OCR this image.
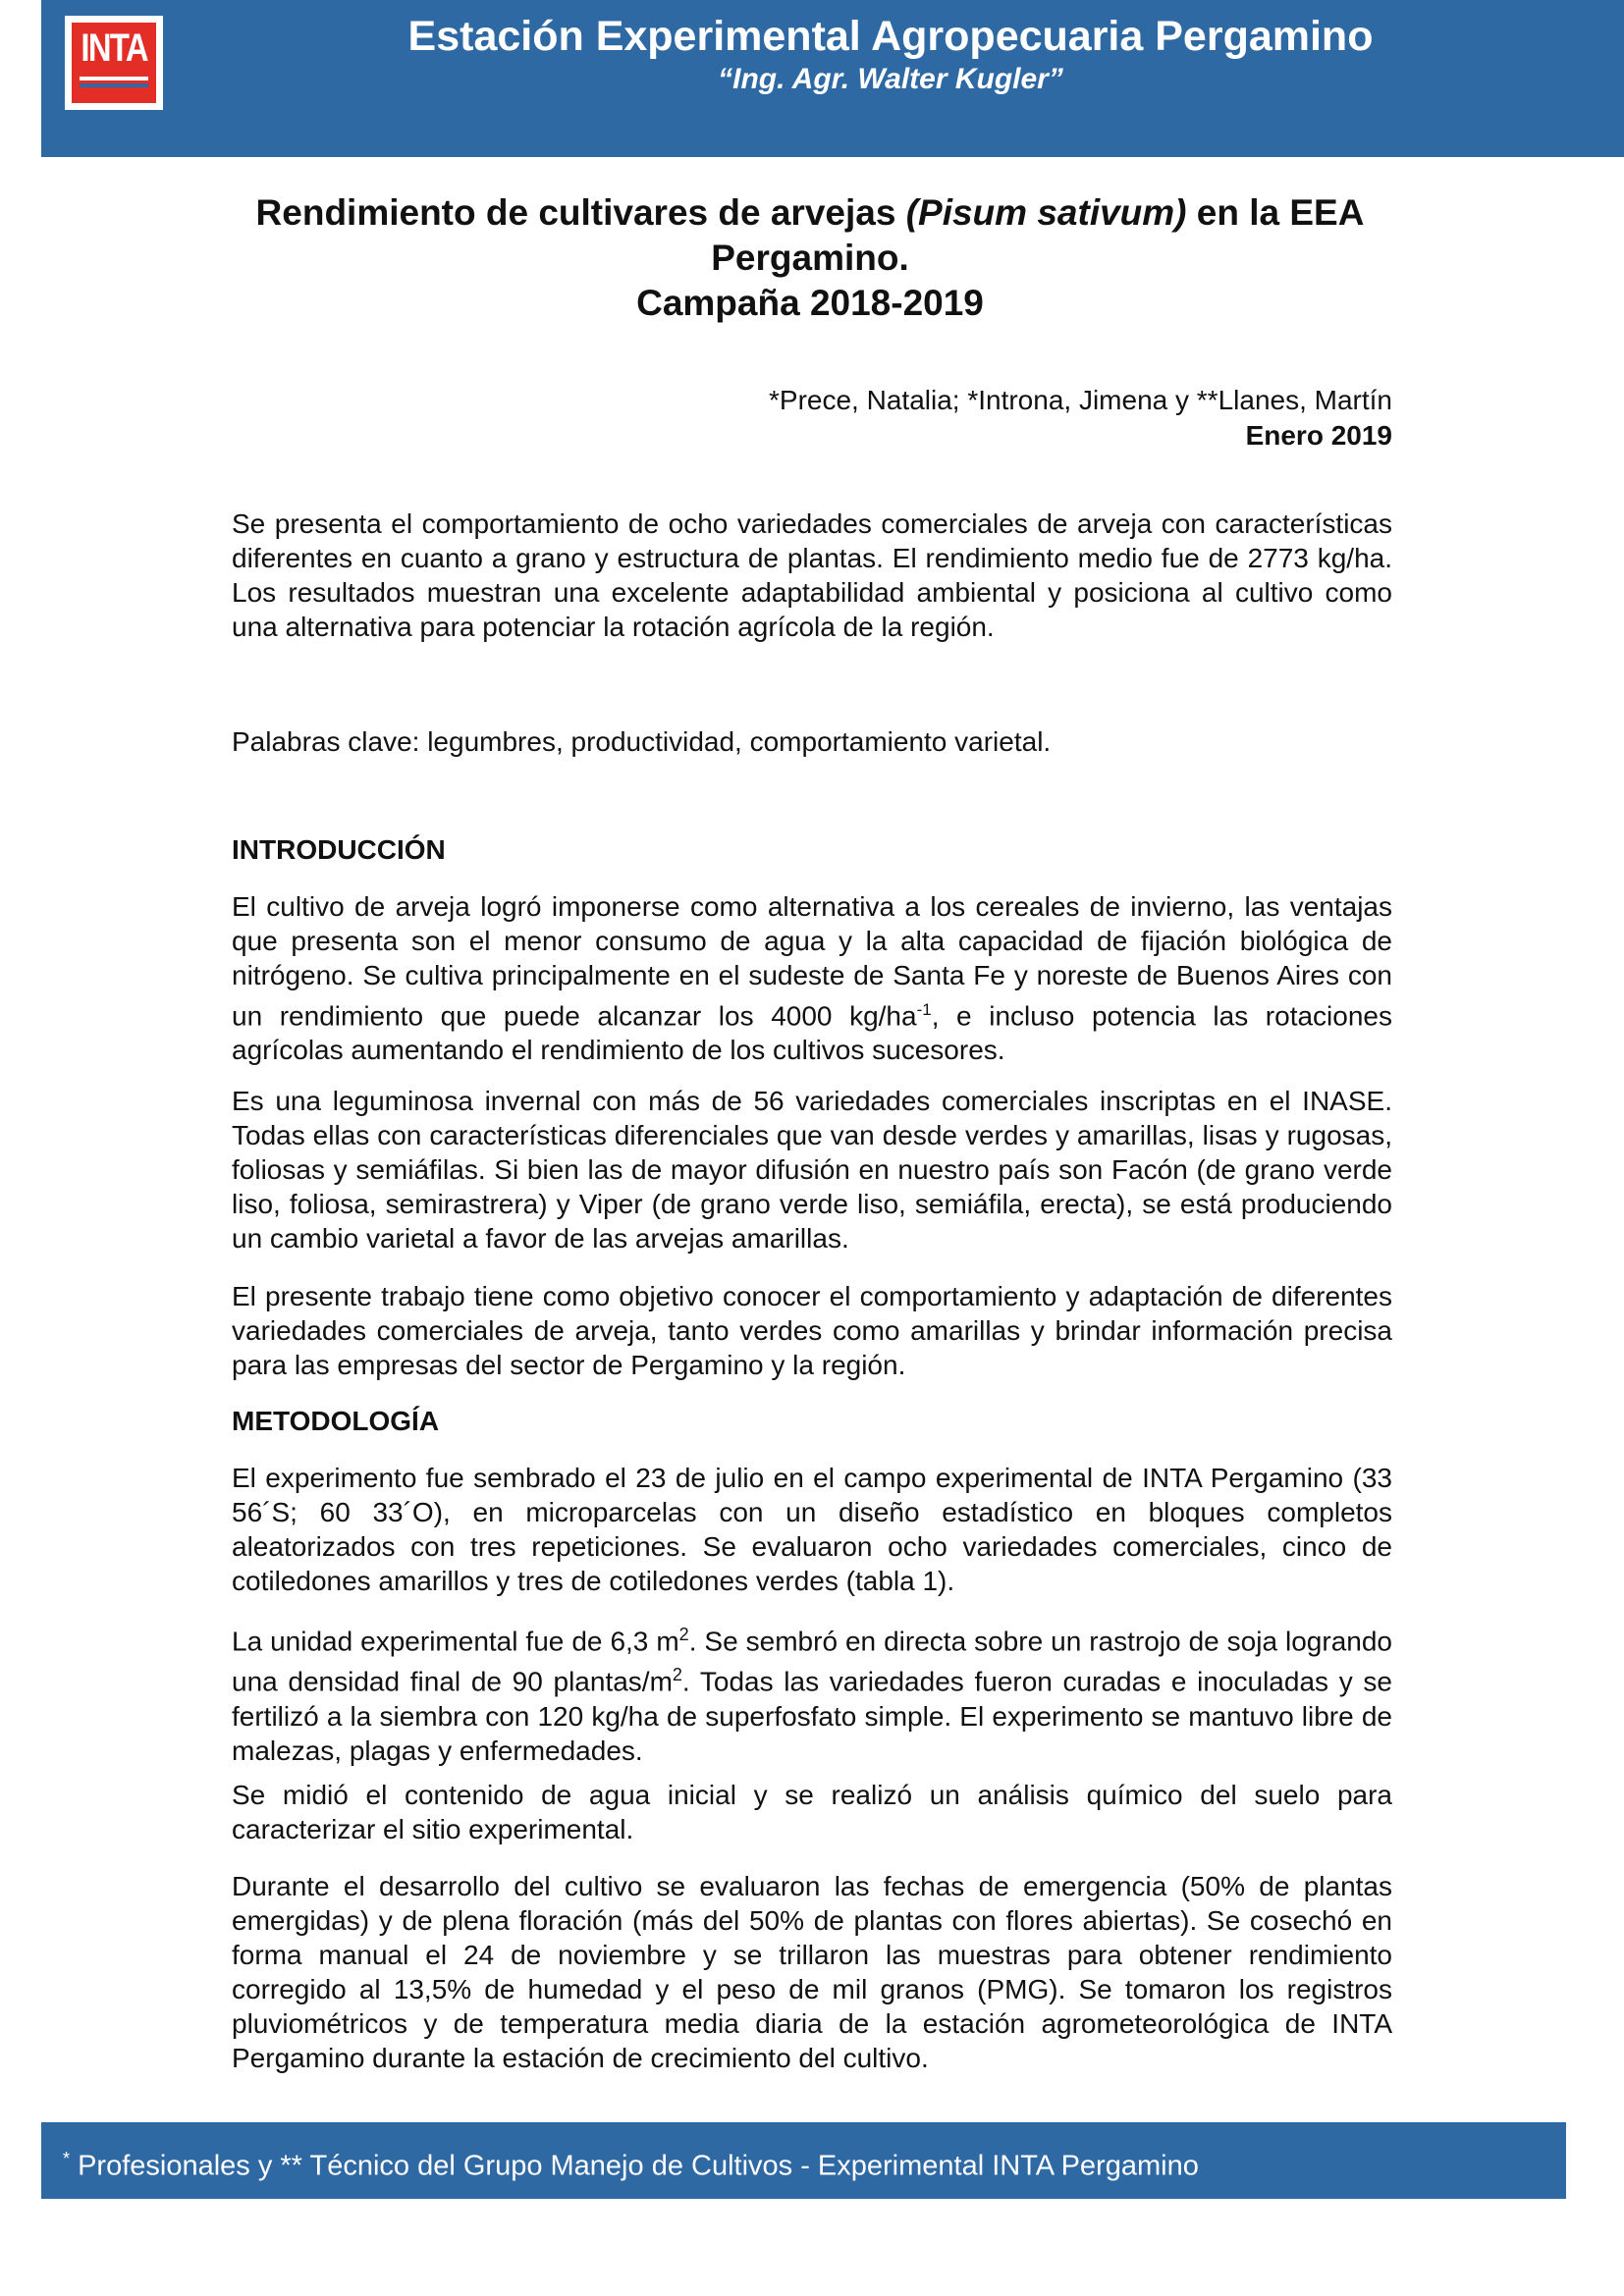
INTA	Estación Experimental Agropecuaria Pergamino
“Ing. Agr. Walter Kugler”
Rendimiento de cultivares de arvejas (Pisum sativum) en la EEA Pergamino.
Campaña 2018-2019
*Prece, Natalia; *Introna, Jimena y **Llanes, Martín
Enero 2019
Se presenta el comportamiento de ocho variedades comerciales de arveja con características diferentes en cuanto a grano y estructura de plantas. El rendimiento medio fue de 2773 kg/ha. Los resultados muestran una excelente adaptabilidad ambiental y posiciona al cultivo como una alternativa para potenciar la rotación agrícola de la región.
Palabras clave: legumbres, productividad, comportamiento varietal.
INTRODUCCIÓN
El cultivo de arveja logró imponerse como alternativa a los cereales de invierno, las ventajas que presenta son el menor consumo de agua y la alta capacidad de fijación biológica de nitrógeno. Se cultiva principalmente en el sudeste de Santa Fe y noreste de Buenos Aires con un rendimiento que puede alcanzar los 4000 $kg/ha^{-1}$, e incluso potencia las rotaciones agrícolas aumentando el rendimiento de los cultivos sucesores.
Es una leguminosa invernal con más de 56 variedades comerciales inscriptas en el INASE. Todas ellas con características diferenciales que van desde verdes y amarillas, lisas y rugosas, foliosas y semiáfilas. Si bien las de mayor difusión en nuestro país son Facón (de grano verde liso, foliosa, semirastrera) y Viper (de grano verde liso, semiáfila, erecta), se está produciendo un cambio varietal a favor de las arvejas amarillas.
El presente trabajo tiene como objetivo conocer el comportamiento y adaptación de diferentes variedades comerciales de arveja, tanto verdes como amarillas y brindar información precisa para las empresas del sector de Pergamino y la región.
METODOLOGÍA
El experimento fue sembrado el 23 de julio en el campo experimental de INTA Pergamino (33 56´S; 60 33´O), en microparcelas con un diseño estadístico en bloques completos aleatorizados con tres repeticiones. Se evaluaron ocho variedades comerciales, cinco de cotiledones amarillos y tres de cotiledones verdes (tabla 1).
La unidad experimental fue de 6,3 $m^2$. Se sembró en directa sobre un rastrojo de soja logrando una densidad final de 90 plantas/$m^2$. Todas las variedades fueron curadas e inoculadas y se fertilizó a la siembra con 120 kg/ha de superfosfato simple. El experimento se mantuvo libre de malezas, plagas y enfermedades.
Se midió el contenido de agua inicial y se realizó un análisis químico del suelo para caracterizar el sitio experimental.
Durante el desarrollo del cultivo se evaluaron las fechas de emergencia (50% de plantas emergidas) y de plena floración (más del 50% de plantas con flores abiertas). Se cosechó en forma manual el 24 de noviembre y se trillaron las muestras para obtener rendimiento corregido al 13,5% de humedad y el peso de mil granos (PMG). Se tomaron los registros pluviométricos y de temperatura media diaria de la estación agrometeorológica de INTA Pergamino durante la estación de crecimiento del cultivo.
* Profesionales y ** Técnico del Grupo Manejo de Cultivos - Experimental INTA Pergamino
